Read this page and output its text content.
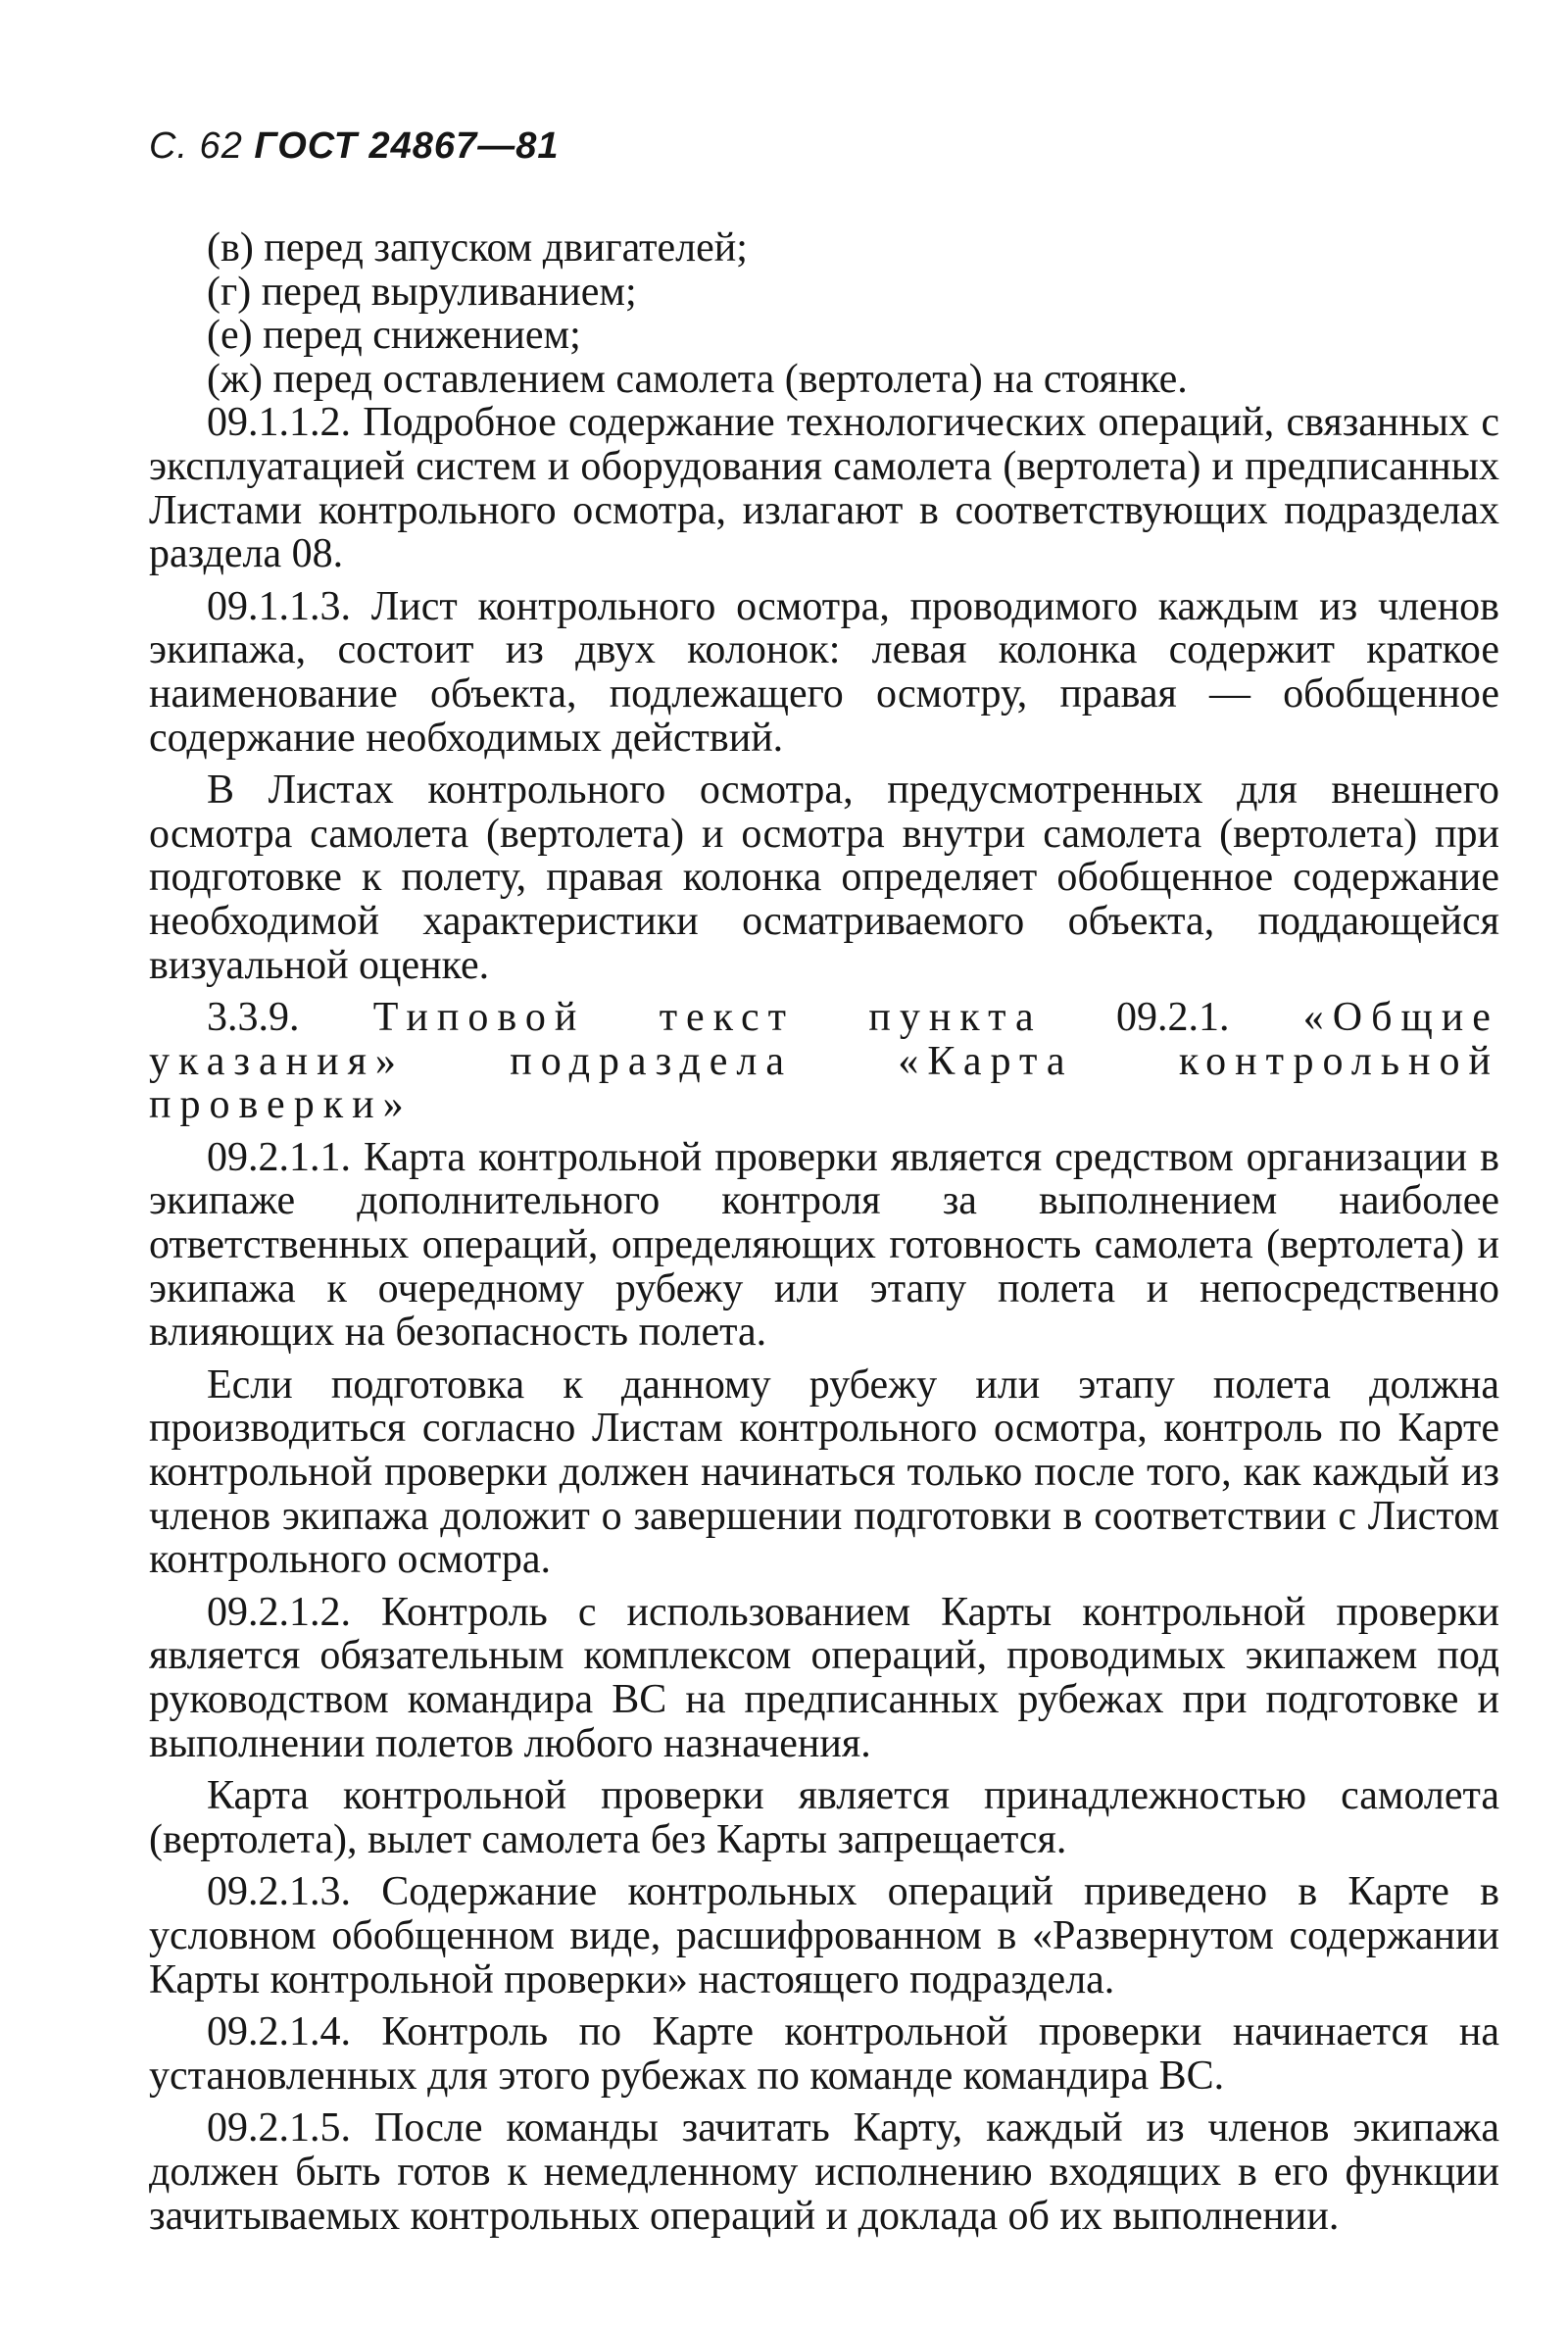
С. 62 ГОСТ 24867—81

(в) перед запуском двигателей;

(г) перед выруливанием;

(е) перед снижением;

(ж) перед оставлением самолета (вертолета) на стоянке.

09.1.1.2. Подробное содержание технологических операций, связанных с эксплуатацией систем и оборудования самолета (вертолета) и предписанных Листами контрольного осмотра, излагают в соответствующих подразделах раздела 08.

09.1.1.3. Лист контрольного осмотра, проводимого каждым из членов экипажа, состоит из двух колонок: левая колонка содержит краткое наименование объекта, подлежащего осмотру, правая — обобщенное содержание необходимых действий.

В Листах контрольного осмотра, предусмотренных для внешнего осмотра самолета (вертолета) и осмотра внутри самолета (вертолета) при подготовке к полету, правая колонка определяет обобщенное содержание необходимой характеристики осматриваемого объекта, поддающейся визуальной оценке.

3.3.9. Типовой текст пункта 09.2.1. «Общие
указания»	подраздела	«Карта	контрольной
проверки»

09.2.1.1. Карта контрольной проверки является средством организации в экипаже дополнительного контроля за выполнением наиболее ответственных операций, определяющих готовность самолета (вертолета) и экипажа к очередному рубежу или этапу полета и непосредственно влияющих на безопасность полета.

Если подготовка к данному рубежу или этапу полета должна производиться согласно Листам контрольного осмотра, контроль по Карте контрольной проверки должен начинаться только после того, как каждый из членов экипажа доложит о завершении подготовки в соответствии с Листом контрольного осмотра.

09.2.1.2. Контроль с использованием Карты контрольной проверки является обязательным комплексом операций, проводимых экипажем под руководством командира ВС на предписанных рубежах при подготовке и выполнении полетов любого назначения.

Карта контрольной проверки является принадлежностью самолета (вертолета), вылет самолета без Карты запрещается.

09.2.1.3. Содержание контрольных операций приведено в Карте в условном обобщенном виде, расшифрованном в «Развернутом содержании Карты контрольной проверки» настоящего подраздела.

09.2.1.4. Контроль по Карте контрольной проверки начинается на установленных для этого рубежах по команде командира ВС.

09.2.1.5. После команды зачитать Карту, каждый из членов экипажа должен быть готов к немедленному исполнению входящих в его функции зачитываемых контрольных операций и доклада об их выполнении.
